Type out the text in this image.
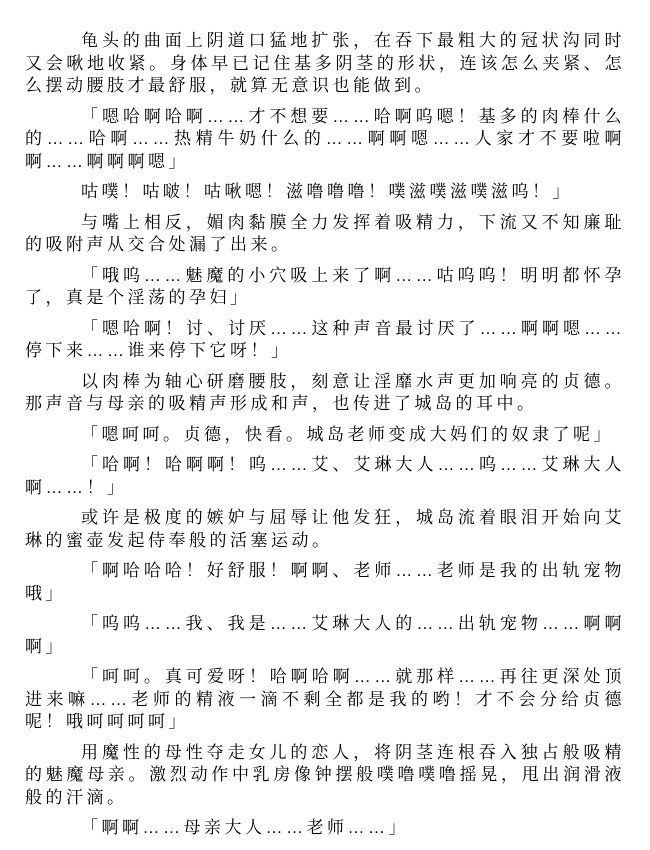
龟头的曲面上阴道口猛地扩张，在吞下最粗大的冠状沟同时又会啾地收紧。身体早已记住基多阴茎的形状，连该怎么夹紧、怎么摆动腰肢才最舒服，就算无意识也能做到。

「嗯哈啊哈啊……才不想要……哈啊呜嗯！基多的肉棒什么的……哈啊……热精牛奶什么的……啊啊嗯……人家才不要啦啊啊……啊啊啊嗯」

咕噗！咕啵！咕啾嗯！滋噜噜噜！噗滋噗滋噗滋呜！」

与嘴上相反，媚肉黏膜全力发挥着吸精力，下流又不知廉耻的吸附声从交合处漏了出来。

「哦呜……魅魔的小穴吸上来了啊……咕呜呜！明明都怀孕了，真是个淫荡的孕妇」

「嗯哈啊！讨、讨厌……这种声音最讨厌了……啊啊嗯……停下来……谁来停下它呀！」

以肉棒为轴心研磨腰肢，刻意让淫靡水声更加响亮的贞德。那声音与母亲的吸精声形成和声，也传进了城岛的耳中。

「嗯呵呵。贞德，快看。城岛老师变成大妈们的奴隶了呢」

「哈啊！哈啊啊！呜……艾、艾琳大人……呜……艾琳大人啊……！」

或许是极度的嫉妒与屈辱让他发狂，城岛流着眼泪开始向艾琳的蜜壶发起侍奉般的活塞运动。

「啊哈哈哈！好舒服！啊啊、老师……老师是我的出轨宠物哦」

「呜呜……我、我是……艾琳大人的……出轨宠物……啊啊啊」

「呵呵。真可爱呀！哈啊哈啊……就那样……再往更深处顶进来嘛……老师的精液一滴不剩全都是我的哟！才不会分给贞德呢！哦呵呵呵呵」

用魔性的母性夺走女儿的恋人，将阴茎连根吞入独占般吸精的魅魔母亲。激烈动作中乳房像钟摆般噗噜噗噜摇晃，甩出润滑液般的汗滴。

「啊啊……母亲大人……老师……」
